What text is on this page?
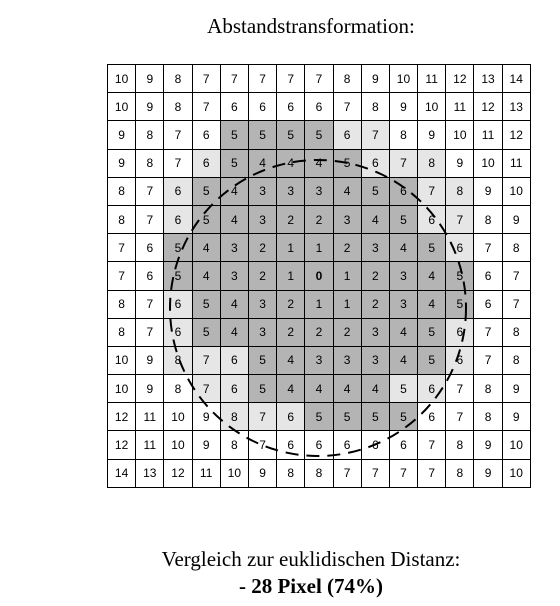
Abstandstransformation:
10	9	8	7	7	7	7	7	8	9	10	11	12	13	14
10	9	8	7	6	6	6	6	7	8	9	10	11	12	13
9	8	7	6	5	5	5	5	6	7	8	9	10	11	12
9	8	7	6	5	4	4	4	5	6	7	8	9	10	11
8	7	6	5	4	3	3	3	4	5	6	7	8	9	10
8	7	6	5	4	3	2	2	3	4	5	6	7	8	9
7	6	5	4	3	2	1	1	2	3	4	5	6	7	8
7	6	5	4	3	2	1	0	1	2	3	4	5	6	7
8	7	6	5	4	3	2	1	1	2	3	4	5	6	7
8	7	6	5	4	3	2	2	2	3	4	5	6	7	8
10	9	8	7	6	5	4	3	3	3	4	5	6	7	8
10	9	8	7	6	5	4	4	4	4	5	6	7	8	9
12	11	10	9	8	7	6	5	5	5	5	6	7	8	9
12	11	10	9	8	7	6	6	6	6	6	7	8	9	10
14	13	12	11	10	9	8	8	7	7	7	7	8	9	10
Vergleich zur euklidischen Distanz:
- 28 Pixel (74%)
